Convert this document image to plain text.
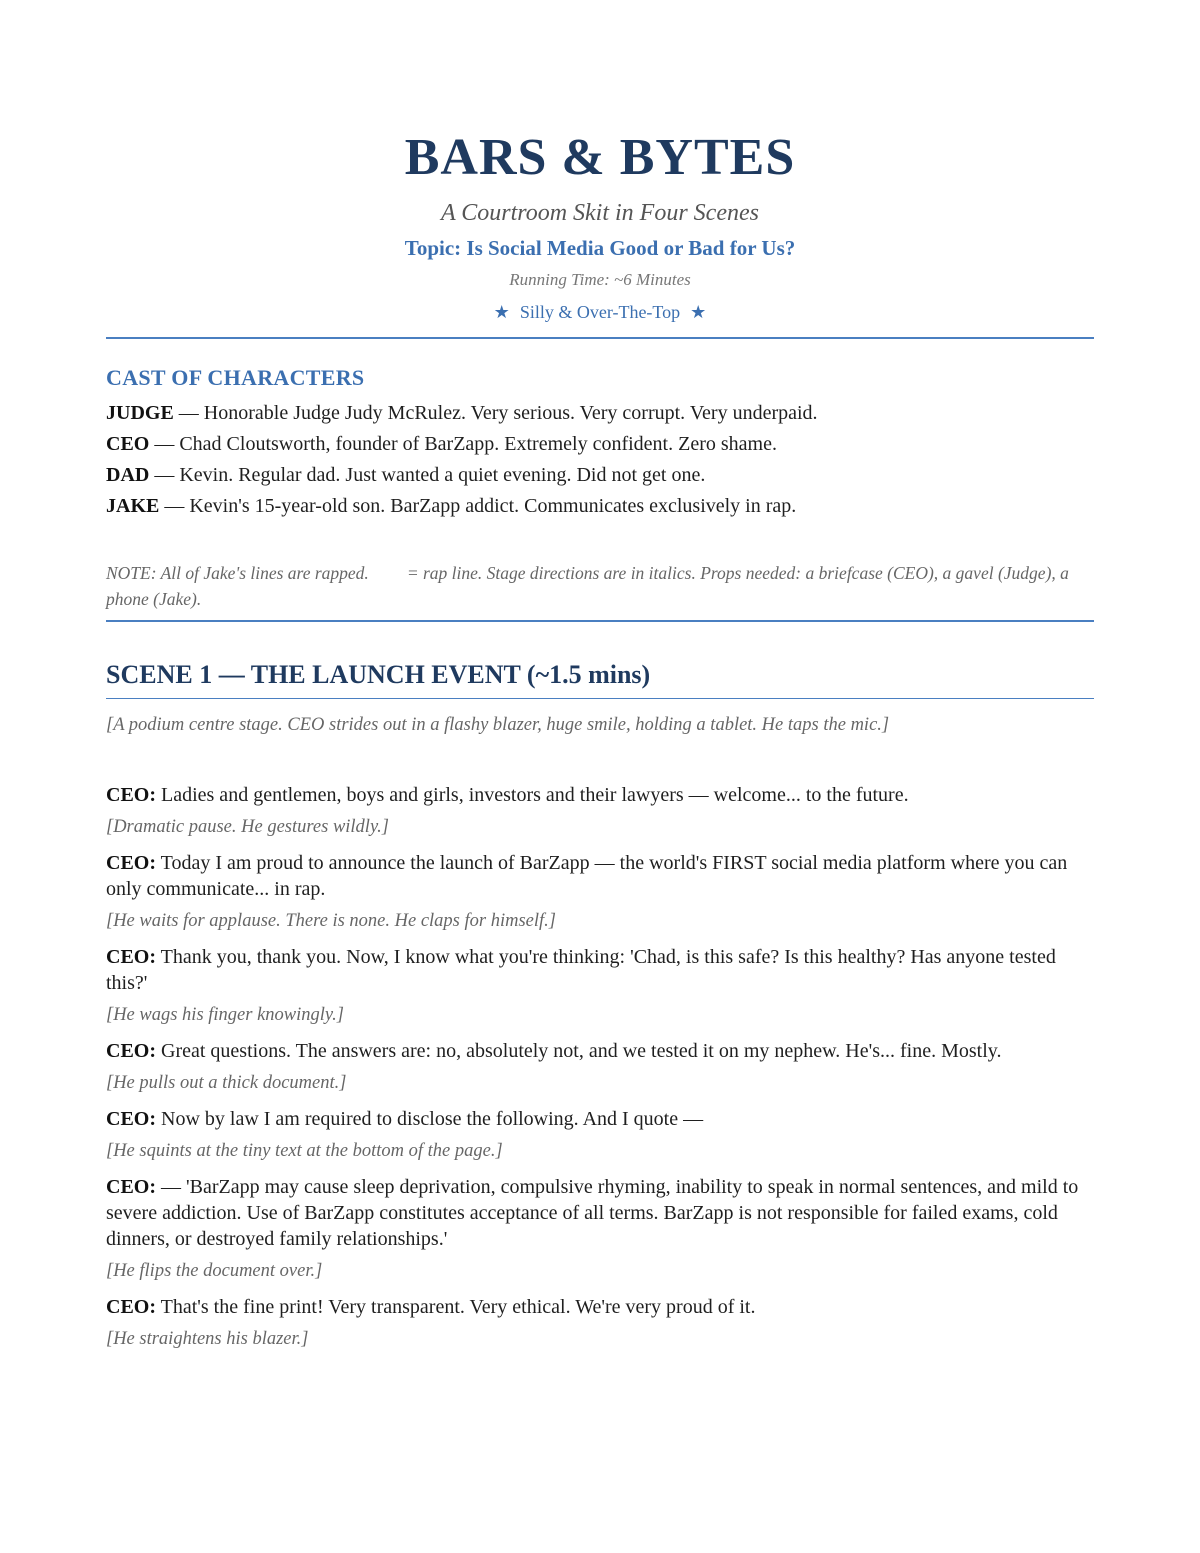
BARS & BYTES
A Courtroom Skit in Four Scenes
Topic: Is Social Media Good or Bad for Us?
Running Time: ~6 Minutes
★ Silly & Over-The-Top ★
CAST OF CHARACTERS
JUDGE — Honorable Judge Judy McRulez. Very serious. Very corrupt. Very underpaid.
CEO — Chad Cloutsworth, founder of BarZapp. Extremely confident. Zero shame.
DAD — Kevin. Regular dad. Just wanted a quiet evening. Did not get one.
JAKE — Kevin's 15-year-old son. BarZapp addict. Communicates exclusively in rap.
NOTE: All of Jake's lines are rapped. = rap line. Stage directions are in italics. Props needed: a briefcase (CEO), a gavel (Judge), a phone (Jake).
SCENE 1 — THE LAUNCH EVENT (~1.5 mins)
[A podium centre stage. CEO strides out in a flashy blazer, huge smile, holding a tablet. He taps the mic.]
CEO: Ladies and gentlemen, boys and girls, investors and their lawyers — welcome... to the future.
[Dramatic pause. He gestures wildly.]
CEO: Today I am proud to announce the launch of BarZapp — the world's FIRST social media platform where you can only communicate... in rap.
[He waits for applause. There is none. He claps for himself.]
CEO: Thank you, thank you. Now, I know what you're thinking: 'Chad, is this safe? Is this healthy? Has anyone tested this?'
[He wags his finger knowingly.]
CEO: Great questions. The answers are: no, absolutely not, and we tested it on my nephew. He's... fine. Mostly.
[He pulls out a thick document.]
CEO: Now by law I am required to disclose the following. And I quote —
[He squints at the tiny text at the bottom of the page.]
CEO: — 'BarZapp may cause sleep deprivation, compulsive rhyming, inability to speak in normal sentences, and mild to severe addiction. Use of BarZapp constitutes acceptance of all terms. BarZapp is not responsible for failed exams, cold dinners, or destroyed family relationships.'
[He flips the document over.]
CEO: That's the fine print! Very transparent. Very ethical. We're very proud of it.
[He straightens his blazer.]
